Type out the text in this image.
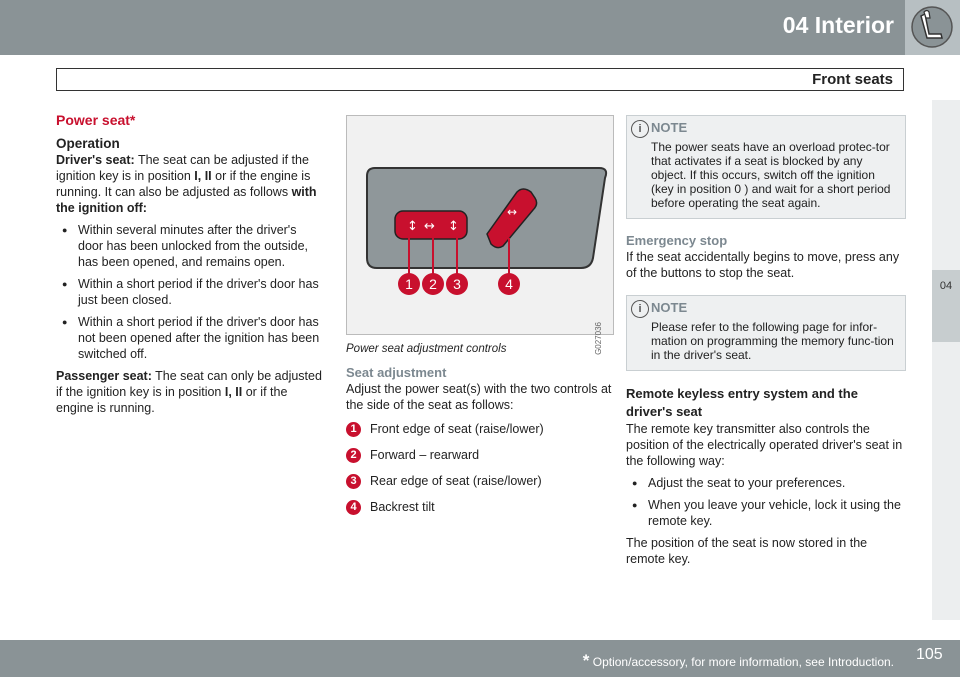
04 Interior
Front seats
04
Power seat*
Operation

Driver's seat: The seat can be adjusted if the ignition key is in position I, II or if the engine is running. It can also be adjusted as follows with the ignition off:

● Within several minutes after the driver's door has been unlocked from the outside, has been opened, and remains open.
● Within a short period if the driver's door has just been closed.
● Within a short period if the driver's door has not been opened after the ignition has been switched off.

Passenger seat: The seat can only be adjusted if the ignition key is in position I, II or if the engine is running.

↕ ↔ ↕
↔
1 2 3	4
G027036
Power seat adjustment controls
Seat adjustment

Adjust the power seat(s) with the two controls at the side of the seat as follows:

1	Front edge of seat (raise/lower)
2	Forward – rearward
3	Rear edge of seat (raise/lower)
4	Backrest tilt
i NOTE
The power seats have an overload protec-tor that activates if a seat is blocked by any object. If this occurs, switch off the ignition (key in position 0 ) and wait for a short period before operating the seat again.
Emergency stop

If the seat accidentally begins to move, press any of the buttons to stop the seat.

i NOTE
Please refer to the following page for infor-mation on programming the memory func-tion in the driver's seat.
Remote keyless entry system and the driver's seat

The remote key transmitter also controls the position of the electrically operated driver's seat in the following way:

● Adjust the seat to your preferences.
● When you leave your vehicle, lock it using the remote key.

The position of the seat is now stored in the remote key.

* Option/accessory, for more information, see Introduction. 105
